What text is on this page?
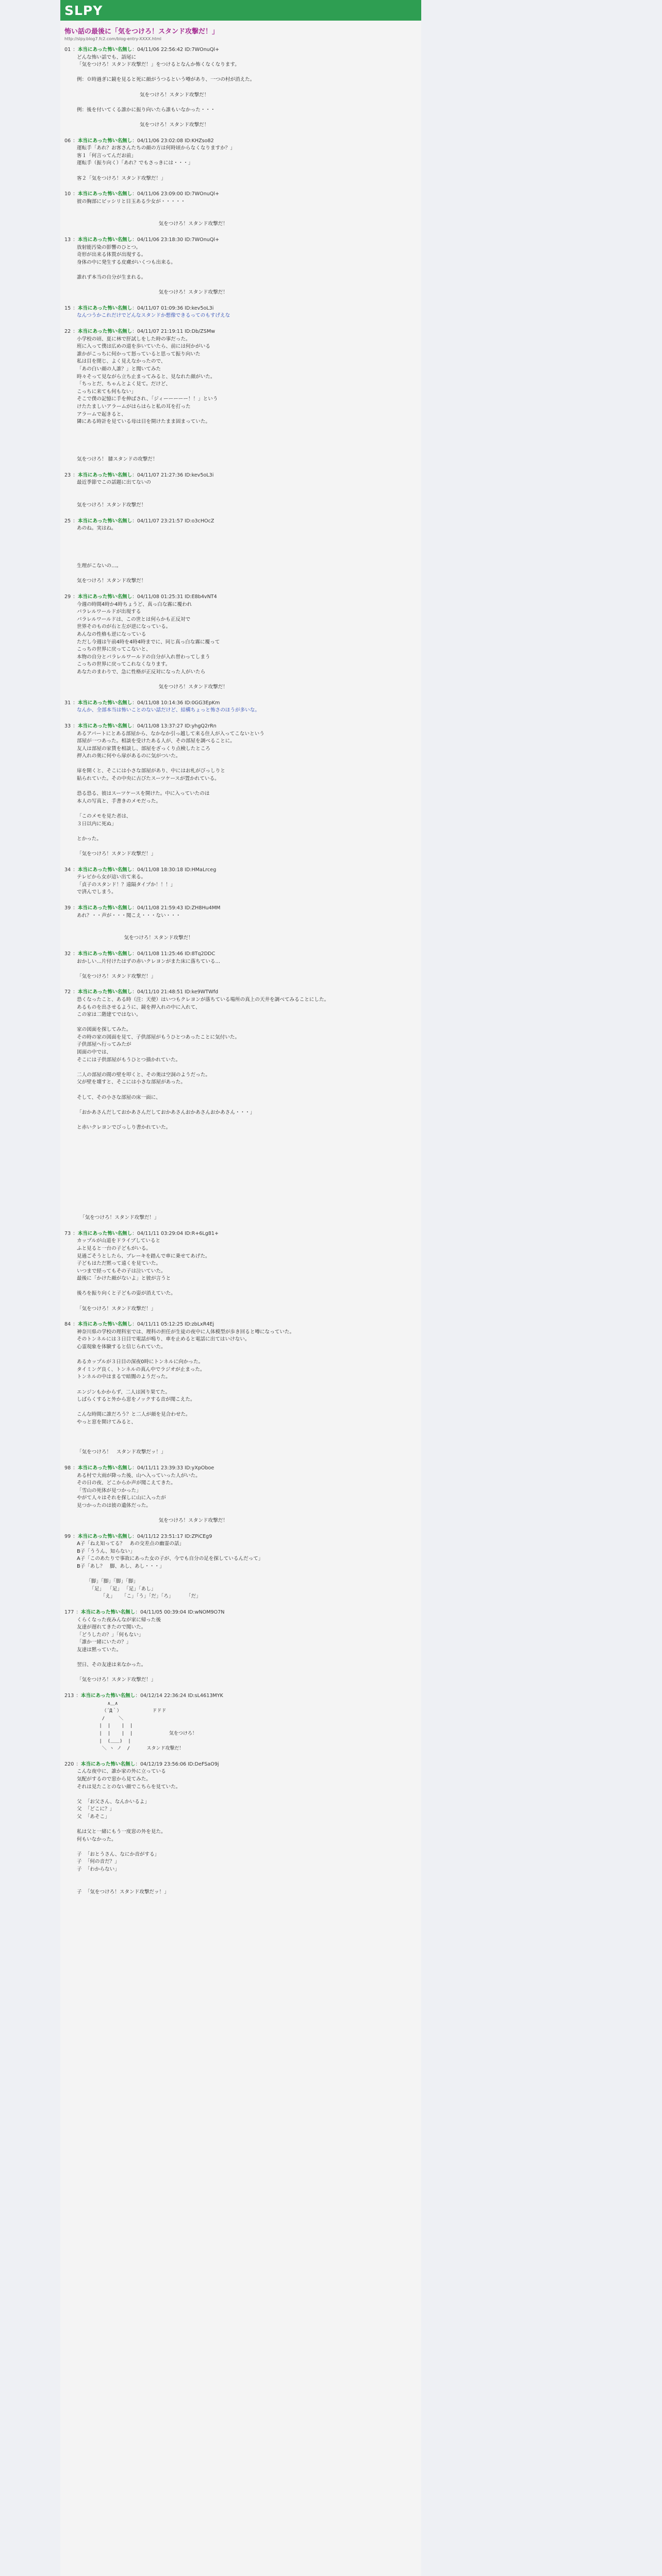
SLPY
怖い話の最後に「気をつけろ！スタンド攻撃だ！」
http://slpy.blog7.fc2.com/blog-entry-XXXX.html
01 ：本当にあった怖い名無し：04/11/06 22:56:42 ID:7WOnuQl+
どんな怖い話でも、語尾に
「気をつけろ！スタンド攻撃だ！」をつけるとなんか怖くなくなります。

例：０時過ぎに鏡を見ると死に顔がうつるという噂があり、一つの村が消えた。

気をつけろ！スタンド攻撃だ！

例：後を付いてくる誰かに振り向いたら誰もいなかった・・・

気をつけろ！スタンド攻撃だ！
06 ：本当にあった怖い名無し：04/11/06 23:02:08 ID:KHZso82
運転手「あれ？お客さんたちの顔の方は何時頃からなくなりますか？」
客１「何言ってんだお前」
運転手（振り向く）「あれ？でもさっきには・・・」

客２「気をつけろ！スタンド攻撃だ！」
10 ：本当にあった怖い名無し：04/11/06 23:09:00 ID:7WOnuQl+
彼の胸部にビッシリと目玉ある少女が・・・・・

気をつけろ！スタンド攻撃だ！
13 ：本当にあった怖い名無し：04/11/06 23:18:30 ID:7WOnuQl+
放射能汚染の影響のひとつ。
奇形が出来る体質が出現する。
身体の中に発生する皮膚がいくつも出来る。

誰れず本当の自分が生まれる。

気をつけろ！スタンド攻撃だ！
15 ：本当にあった怖い名無し：04/11/07 01:09:36 ID:kev5oL3i
なんつうかこれだけでどんなスタンドか想像できるってのもすげえな
22 ：本当にあった怖い名無し：04/11/07 21:19:11 ID:Db/ZSMw
小学校の頃、夏に林で肝試しをした時の事だった。
班に入って僕は広めの道を歩いていたら、前には何かがいる
誰かがこっちに何かって怒っていると思って振り向いた
私は目を閉じ、よく見えなかったので、
「あの白い顔の人誰？」と聞いてみた
時々そって見ながら立ち止まってみると、見なれた顔がいた。
「ちっとだ、ちゃんとよく見て。だけど、
こっちに来ても何もない」
そこで僕の記憶に手を伸ばされ、「ジィーーーーー！！」という
けたたましいアラームがはらはらと私の耳を打った
アラームで起きると、
隣にある時計を見ている母は目を開けたまま固まっていた。

気をつけろ！ 膝スタンドの攻撃だ！
23 ：本当にあった怖い名無し：04/11/07 21:27:36 ID:kev5oL3i
最近季節でこの話題に出てないの

気をつけろ！スタンド攻撃だ！
25 ：本当にあった怖い名無し：04/11/07 23:21:57 ID:o3cHOcZ
あのね。実はね。

生理がこないの…。

気をつけろ！スタンド攻撃だ！
29 ：本当にあった怖い名無し：04/11/08 01:25:31 ID:E8b4vNT4
今週の時間4時か4時ちょうど、真っ白な霧に覆われ
パラレルワールドが出現する
パラレルワールドは、この世とは何らかも正反対で
世界そのものが右と左が逆になっている。
あんなの性格も逆になっている
ただし今週は午前4時を4時4時までに、同じ真っ白な霧に覆って
こっちの世界に戻ってこないと、
本物の自分とパラレルワールドの自分が入れ替わってしまう
こっちの世界に戻ってこれなくなります。
あなたのまわりで、急に性格が正反対になった人がいたら

気をつけろ！スタンド攻撃だ！
31 ：本当にあった怖い名無し：04/11/08 10:14:36 ID:0GG3EpKm
なんか、全部本当は怖いことのない話だけど、結構ちょっと怖さのほうが多いな。
33 ：本当にあった怖い名無し：04/11/08 13:37:27 ID:yhgQ2rRn
あるアパートにとある部屋から、なかなか引っ越して来る住人が入ってこないという
部屋が一つあった。相談を受けたある人が、その部屋を調べることに。
友人は部屋の家賃を相談し、部屋をざっくり点検したところ
押入れの奥に何やら扉があるのに気がついた。

扉を開くと、そこには小さな部屋があり、中にはお札がびっしりと
貼られていた。その中央に古びたスーツケースが置かれている。

恐る恐る、彼はスーツケースを開けた。中に入っていたのは
本人の写真と、手書きのメモだった。

「このメモを見た者は、
３日以内に死ぬ」

とかった。

「気をつけろ！スタンド攻撃だ！」
34 ：本当にあった怖い名無し：04/11/08 18:30:18 ID:HMaLrceg
テレビから女が這い出て来る。
「貞子のスタンド！？遠隔タイプか！！！」
で済んでしまう。
39 ：本当にあった怖い名無し：04/11/08 21:59:43 ID:ZH8Hu4MM
あれ？・・声が・・・聞こえ・・・ない・・・

気をつけろ！スタンド攻撃だ！
32 ：本当にあった怖い名無し：04/11/08 11:25:46 ID:8Tq2DDC
おかしい…片付けたはずの赤いクレヨンがまた床に落ちている…

「気をつけろ！スタンド攻撃だ！」
72 ：本当にあった怖い名無し：04/11/10 21:48:51 ID:ke9WTWfd
恐くなったこと、ある時（注：天使）はいつもクレヨンが落ちている場所の真上の天井を調べてみることにした。
あるものを出させるように、鏡を押入れの中に入れて、
この家は二階建てではない。

家の図面を探してみた。
その時の家の図面を見て、子供部屋がもうひとつあったことに気付いた。
子供部屋へ行ってみたが
図面の中では、
そこには子供部屋がもうひとつ描かれていた。

二人の部屋の間の壁を叩くと、その奥は空洞のようだった。
父が壁を壊すと、そこには小さな部屋があった。

そして、その小さな部屋の床一面に、

「おかあさんだしておかあさんだしておかあさんおかあさんおかあさん・・・」

と赤いクレヨンでびっしり書かれていた。

「気をつけろ！スタンド攻撃だ！」
73 ：本当にあった怖い名無し：04/11/11 03:29:04 ID:R+6Lg81+
カップルが山道をドライブしていると
ふと見ると一台の子どもがいる。
見過ごそうとしたら、ブレーキを踏んで車に乗せてあげた。
子どもはただ黙って遠くを見ていた。
いつまで経ってもその子は泣いていた。
最後に「かけた顔がないよ」と彼が言うと

後ろを振り向くと子どもの姿が消えていた。

「気をつけろ！スタンド攻撃だ！」
84 ：本当にあった怖い名無し：04/11/11 05:12:25 ID:zbLxR4Ej
神奈川県の学校の理科室では、理科の担任が生徒の夜中に人体模型が歩き回ると噂になっていた。
そのトンネルには３日目で電話が鳴り、車を止めると電話に出てはいけない。
心霊現象を体験すると信じられていた。

あるカップルが３日目の深夜0時にトンネルに向かった。
タイミング良く、トンネルの真ん中でラジオが止まった。
トンネルの中はまるで暗闇のようだった。

エンジンもかからず、二人は困り果てた。
しばらくすると外から窓をノックする音が聞こえた。

こんな時間に誰だろう？と二人が顔を見合わせた。
やっと窓を開けてみると、

「気をつけろ！　スタンド攻撃だッ！」
98 ：本当にあった怖い名無し：04/11/11 23:39:33 ID:yXpOboe
ある村で大雨が降った後、山へ入っていった人がいた。
その日の夜、どこからか声が聞こえてきた。
「雪山の死体が見つかった」
やがて人々はそれを探しに山に入ったが
見つかったのは彼の遺体だった。

気をつけろ！スタンド攻撃だ！
99 ：本当にあった怖い名無し：04/11/12 23:51:17 ID:ZPiCEg9
A子「ねえ知ってる？　あの交差点の幽霊の話」
B子「ううん、知らない」
A子「このあたりで事故にあった女の子が、今でも自分の足を探しているんだって」
B子「あし？　脚、あし、あし・・・」

「脚」「脚」「脚」「脚」
「足」  「足」 「足」「あし」
「え」    「こ」「う」「だ」「ろ」        「だ」
177 ：本当にあった怖い名無し：04/11/05 00:39:04 ID:wNOM9O7N
くらくなった夜みんなが家に帰った後
友達が遅れてきたので聞いた。
「どうしたの？」「何もない」
「誰か一緒にいたの？」
友達は黙っていた。

翌日、その友達は来なかった。

「気をつけろ！スタンド攻撃だ！」
213 ：本当にあった怖い名無し：04/12/14 22:36:24 ID:sL4613MYK
∧＿∧
（´Д｀）           ドドド
/     ＼
|  |    |  |
|  |    |  |             気をつけろ！
|  (＿＿)  |
＼ ヽ ノ  /      スタンド攻撃だ！
220 ：本当にあった怖い名無し：04/12/19 23:56:06 ID:DeFSaO9j
こんな夜中に、誰か家の外に立っている
気配がするので窓から見てみた。
それは見たことのない顔でこちらを見ていた。

父  「お父さん、なんかいるよ」
父  「どこに？」
父  「あそこ」

私は父と一緒にもう一度窓の外を見た。
何もいなかった。

子  「おとうさん、なにか音がする」
子  「何の音だ？」
子  「わからない」

子  「気をつけろ！スタンド攻撃だッ！」
